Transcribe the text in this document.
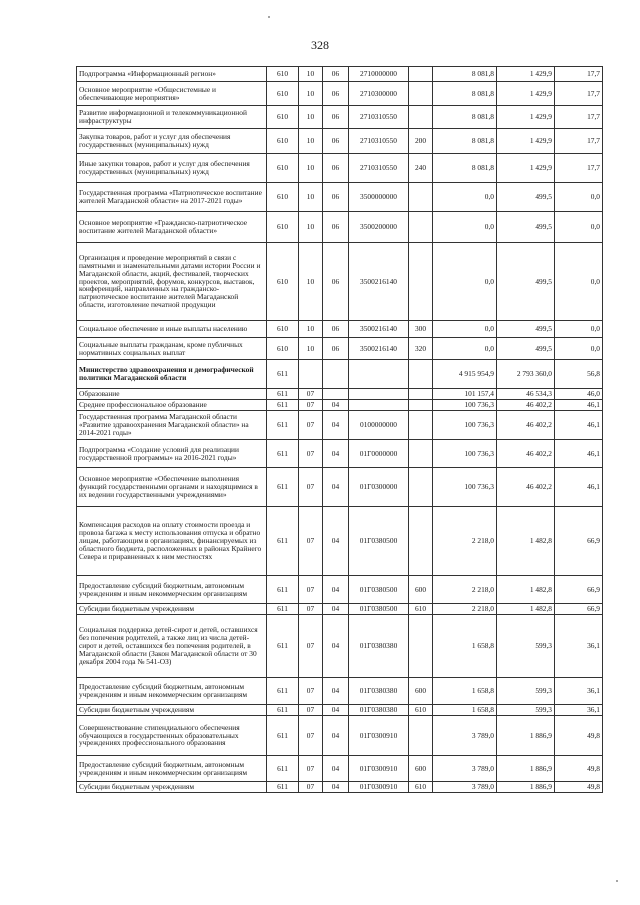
328
Подпрограмма «Информационный регион»	610	10	06	2710000000		8 081,8	1 429,9	17,7
Основное мероприятие «Общесистемные и обеспечивающие мероприятия»	610	10	06	2710300000		8 081,8	1 429,9	17,7
Развитие информационной и телекоммуникационной инфраструктуры	610	10	06	2710310550		8 081,8	1 429,9	17,7
Закупка товаров, работ и услуг для обеспечения государственных (муниципальных) нужд	610	10	06	2710310550	200	8 081,8	1 429,9	17,7
Иные закупки товаров, работ и услуг для обеспечения государственных (муниципальных) нужд	610	10	06	2710310550	240	8 081,8	1 429,9	17,7
Государственная программа «Патриотическое воспитание жителей Магаданской области» на 2017-2021 годы»	610	10	06	3500000000		0,0	499,5	0,0
Основное мероприятие «Гражданско-патриотическое воспитание жителей Магаданской области»	610	10	06	3500200000		0,0	499,5	0,0
Организация и проведение мероприятий в связи с памятными и знаменательными датами истории России и Магаданской области, акций, фестивалей, творческих проектов, мероприятий, форумов, конкурсов, выставок, конференций, направленных на гражданско-патриотическое воспитание жителей Магаданской области, изготовление печатной продукции	610	10	06	3500216140		0,0	499,5	0,0
Социальное обеспечение и иные выплаты населению	610	10	06	3500216140	300	0,0	499,5	0,0
Социальные выплаты гражданам, кроме публичных нормативных социальных выплат	610	10	06	3500216140	320	0,0	499,5	0,0
Министерство здравоохранения и демографической политики Магаданской области	611					4 915 954,9	2 793 360,0	56,8
Образование	611	07				101 157,4	46 534,3	46,0
Среднее профессиональное образование	611	07	04			100 736,3	46 402,2	46,1
Государственная программа Магаданской области «Развитие здравоохранения Магаданской области» на 2014-2021 годы»	611	07	04	0100000000		100 736,3	46 402,2	46,1
Подпрограмма «Создание условий для реализации государственной программы» на 2016-2021 годы»	611	07	04	01Г0000000		100 736,3	46 402,2	46,1
Основное мероприятие «Обеспечение выполнения функций государственными органами и находящимися в их ведении государственными учреждениями»	611	07	04	01Г0300000		100 736,3	46 402,2	46,1
Компенсация расходов на оплату стоимости проезда и провоза багажа к месту использования отпуска и обратно лицам, работающим в организациях, финансируемых из областного бюджета, расположенных в районах Крайнего Севера и приравненных к ним местностях	611	07	04	01Г0380500		2 218,0	1 482,8	66,9
Предоставление субсидий бюджетным, автономным учреждениям и иным некоммерческим организациям	611	07	04	01Г0380500	600	2 218,0	1 482,8	66,9
Субсидии бюджетным учреждениям	611	07	04	01Г0380500	610	2 218,0	1 482,8	66,9
Социальная поддержка детей-сирот и детей, оставшихся без попечения родителей, а также лиц из числа детей-сирот и детей, оставшихся без попечения родителей, в Магаданской области (Закон Магаданской области от 30 декабря 2004 года № 541-ОЗ)	611	07	04	01Г0380380		1 658,8	599,3	36,1
Предоставление субсидий бюджетным, автономным учреждениям и иным некоммерческим организациям	611	07	04	01Г0380380	600	1 658,8	599,3	36,1
Субсидии бюджетным учреждениям	611	07	04	01Г0380380	610	1 658,8	599,3	36,1
Совершенствование стипендиального обеспечения обучающихся в государственных образовательных учреждениях профессионального образования	611	07	04	01Г0300910		3 789,0	1 886,9	49,8
Предоставление субсидий бюджетным, автономным учреждениям и иным некоммерческим организациям	611	07	04	01Г0300910	600	3 789,0	1 886,9	49,8
Субсидии бюджетным учреждениям	611	07	04	01Г0300910	610	3 789,0	1 886,9	49,8
